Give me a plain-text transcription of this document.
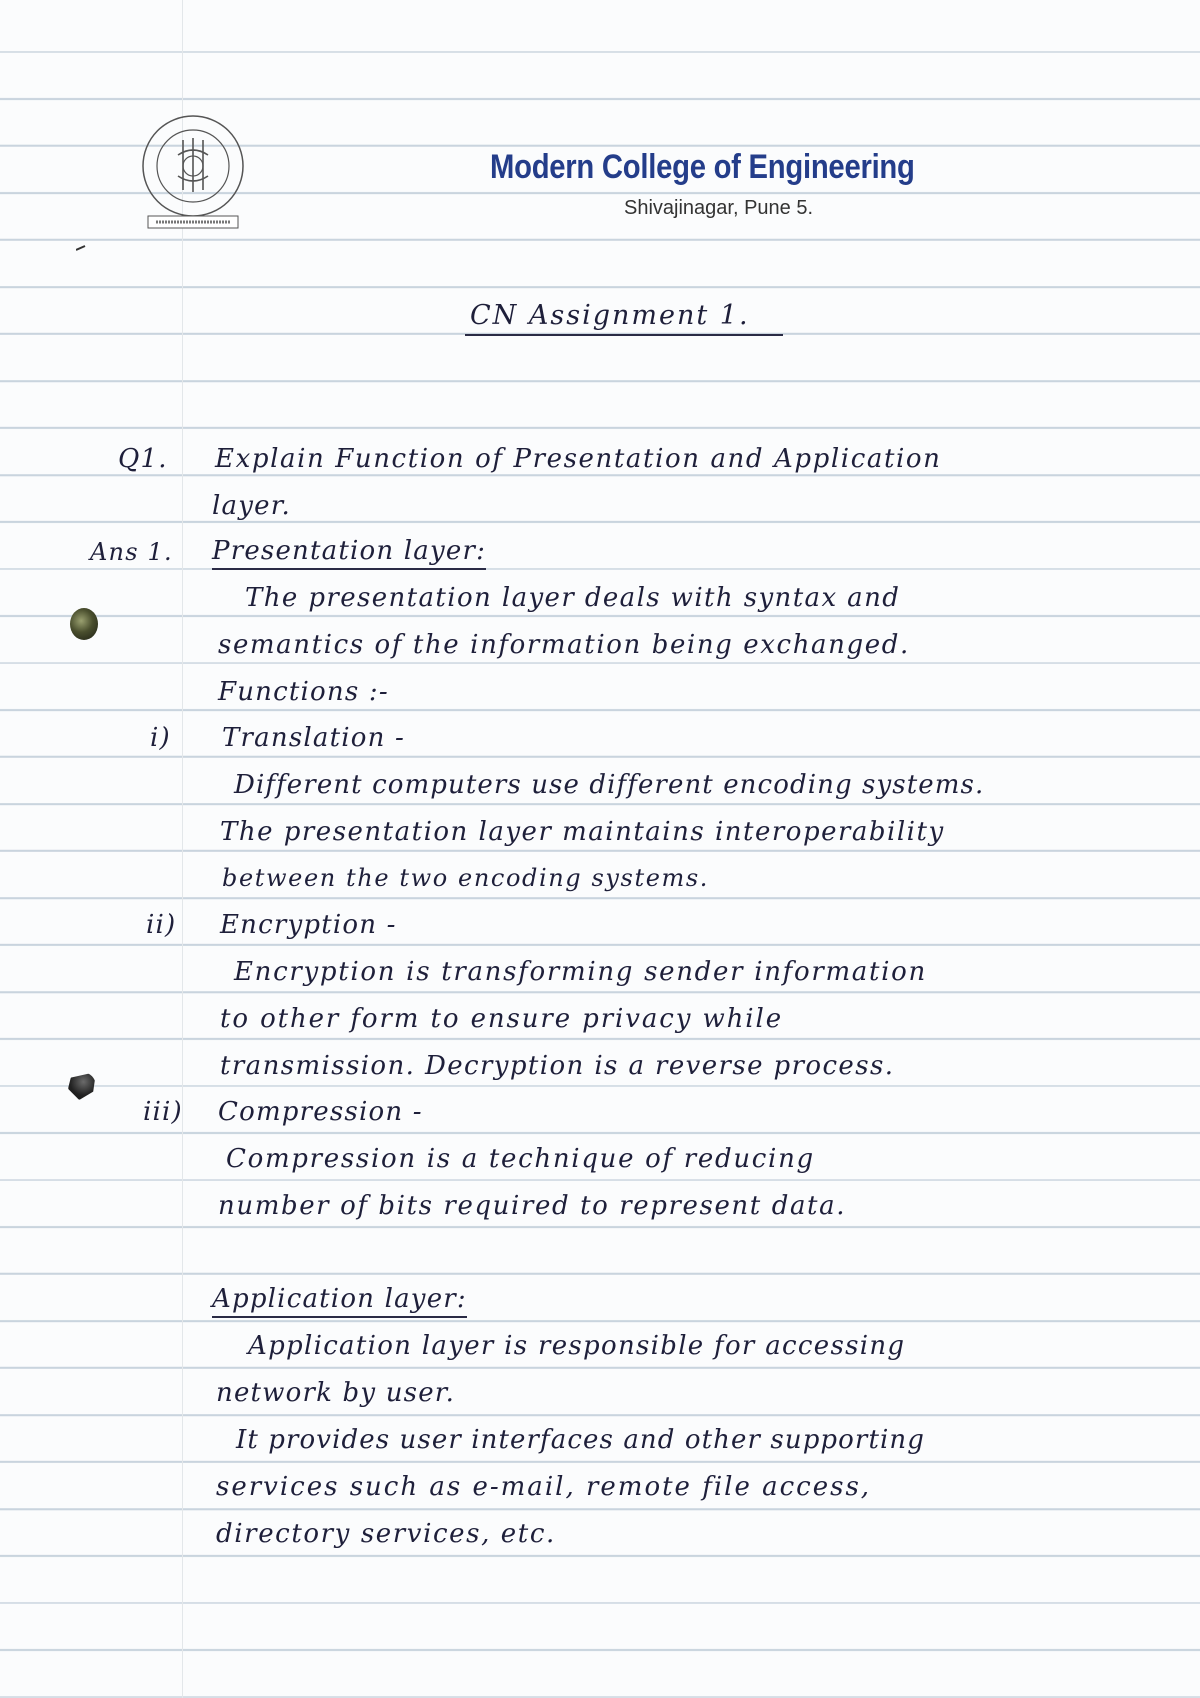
Modern College of Engineering
Shivajinagar, Pune 5.
CN Assignment 1.
Q1. Explain Function of Presentation and Application
layer.
Ans 1. Presentation layer:
The presentation layer deals with syntax and
semantics of the information being exchanged.
Functions :-
i) Translation -
Different computers use different encoding systems.
The presentation layer maintains interoperability
between the two encoding systems.
ii) Encryption -
Encryption is transforming sender information
to other form to ensure privacy while
transmission. Decryption is a reverse process.
iii) Compression -
Compression is a technique of reducing
number of bits required to represent data.
Application layer:
Application layer is responsible for accessing
network by user.
It provides user interfaces and other supporting
services such as e-mail, remote file access,
directory services, etc.
